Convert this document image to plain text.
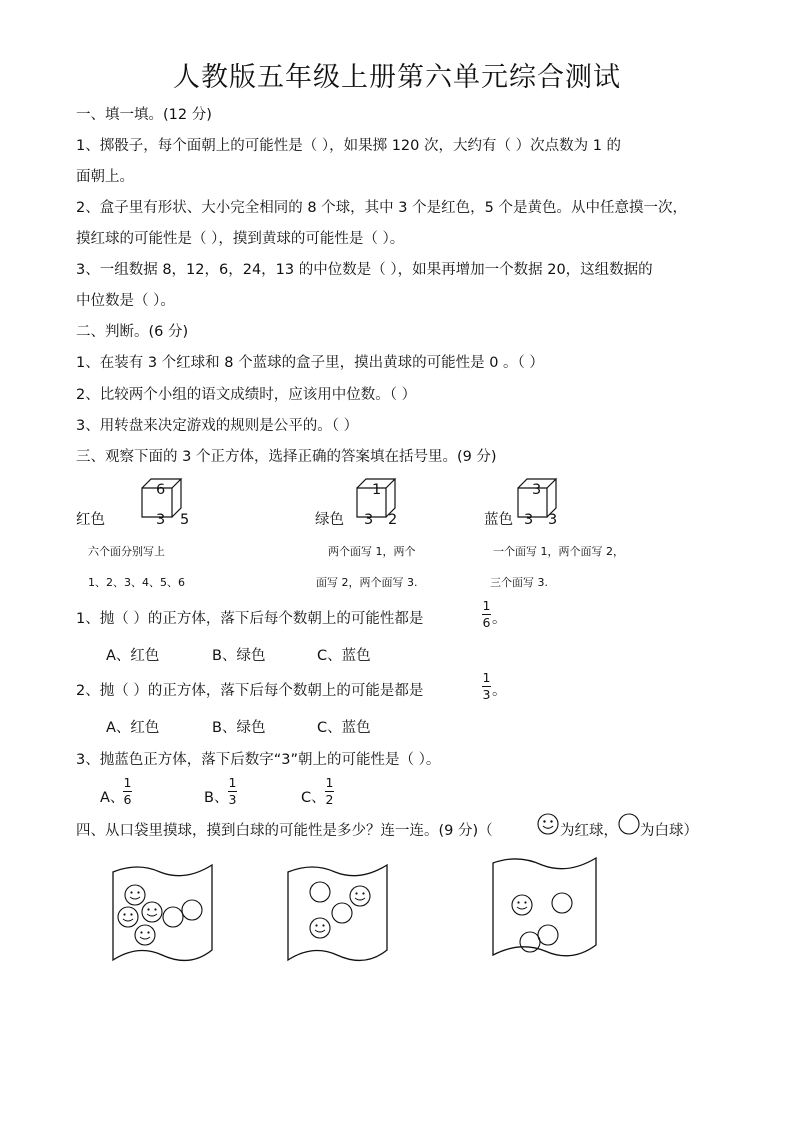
人教版五年级上册第六单元综合测试
一、填一填。(12 分)
1、掷骰子，每个面朝上的可能性是（ ），如果掷 120 次，大约有（ ）次点数为 1 的
面朝上。
2、盒子里有形状、大小完全相同的 8 个球，其中 3 个是红色，5 个是黄色。从中任意摸一次，
摸红球的可能性是（ ），摸到黄球的可能性是（ ）。
3、一组数据 8，12，6，24，13 的中位数是（ ），如果再增加一个数据 20，这组数据的
中位数是（ ）。
二、判断。(6 分)
1、在装有 3 个红球和 8 个蓝球的盒子里，摸出黄球的可能性是 0 。（ ）
2、比较两个小组的语文成绩时，应该用中位数。（ ）
3、用转盘来决定游戏的规则是公平的。（ ）
三、观察下面的 3 个正方体，选择正确的答案填在括号里。(9 分)
6
红色	3 5
六个面分别写上
1、2、3、4、5、6
1
绿色 3 2
两个面写 1，两个
面写 2，两个面写 3.
3
蓝色 3 3
一个面写 1，两个面写 2，
三个面写 3.
1、抛（ ）的正方体，落下后每个数朝上的可能性都是
1
6 。
A、红色	B、绿色	C、蓝色
2、抛（ ）的正方体，落下后每个数朝上的可能是都是
1
3 。
A、红色	B、绿色	C、蓝色
3、抛蓝色正方体，落下后数字“3”朝上的可能性是（ ）。
A、
1
6	B、
1
3	C、
1
2
四、从口袋里摸球，摸到白球的可能性是多少？连一连。(9 分)（	为红球， 为白球）
